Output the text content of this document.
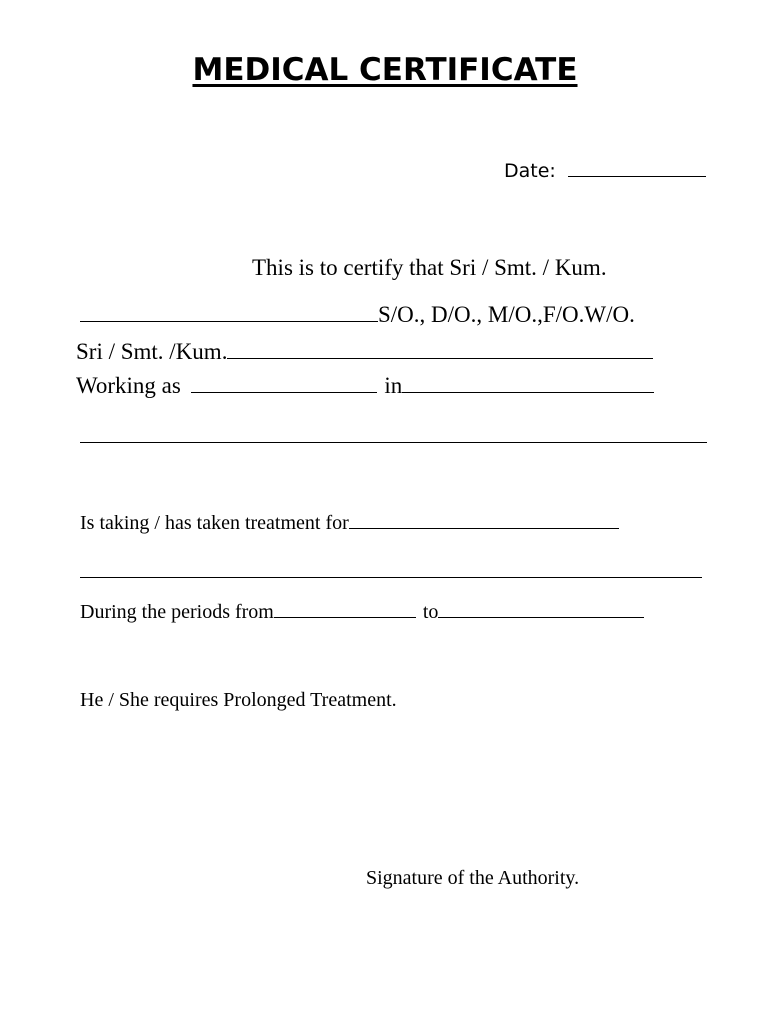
MEDICAL CERTIFICATE
Date:
This is to certify that Sri / Smt. / Kum.
S/O., D/O., M/O.,F/O.W/O.
Sri / Smt. /Kum.
Working as	in
Is taking / has taken treatment for
During the periods from	to
He / She requires Prolonged Treatment.
Signature of the Authority.
